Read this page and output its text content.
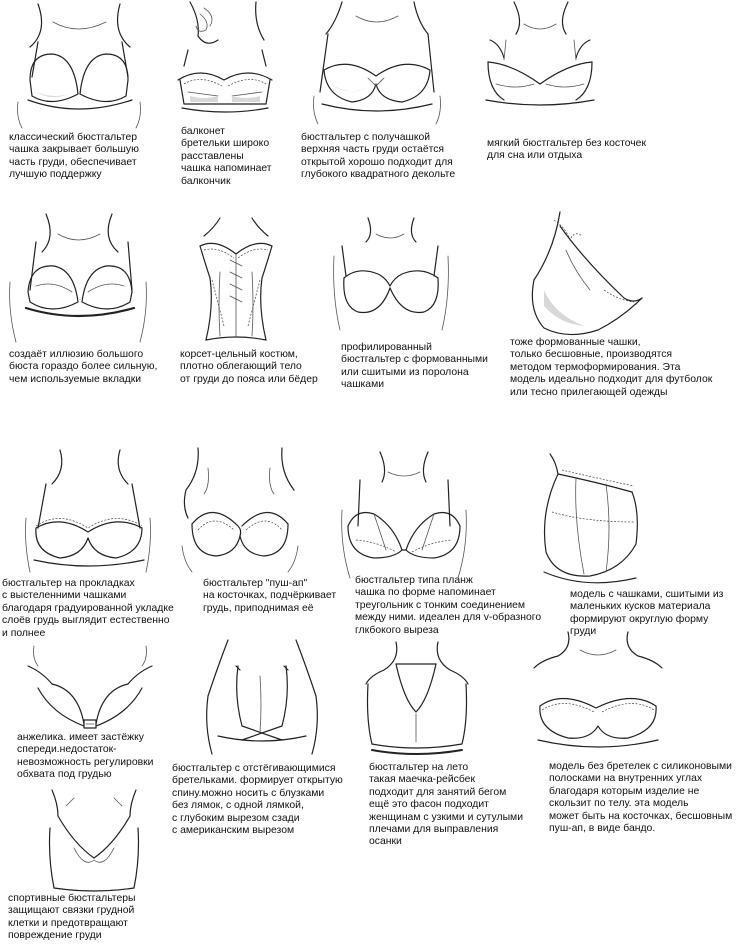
классический бюстгальтер
чашка закрывает большую
часть груди, обеспечивает
лучшую поддержку
балконет
бретельки широко
расставлены
чашка напоминает
балкончик
бюстгальтер с получашкой
верхняя часть груди остаётся
открытой хорошо подходит для
глубокого квадратного декольте
мягкий бюстгальтер без косточек
для сна или отдыха
создаёт иллюзию большого
бюста гораздо более сильную,
чем используемые вкладки
корсет-цельный костюм,
плотно облегающий тело
от груди до пояса или бёдер
профилированный
бюстгальтер с формованными
или сшитыми из поролона
чашками
тоже формованные чашки,
только бесшовные, производятся
методом термоформирования. Эта
модель идеально подходит для футболок
или тесно прилегающей одежды
бюстгальтер на прокладках
с выстеленними чашками
благодаря градуированной укладке
слоёв грудь выглядит естественно
и полнее
бюстгальтер "пуш-ап"
на косточках, подчёркивает
грудь, приподнимая её
бюстгальтер типа планж
чашка по форме напоминает
треугольник с тонким соединением
между ними. идеален для v-образного
глкбокого выреза
модель с чашками, сшитыми из
маленьких кусков материала
формируют округлую форму
груди
анжелика. имеет застёжку
спереди.недостаток-
невозможность регулировки
обхвата под грудью
бюстгальтер с отстёгивающимися
бретельками. формирует открытую
спину.можно носить с блузками
без лямок, с одной лямкой,
с глубоким вырезом сзади
с американским вырезом
бюстгальтер на лето
такая маечка-рейсбек
подходит для занятий бегом
ещё это фасон подходит
женщинам с узкими и сутулыми
плечами для выправления
осанки
модель без бретелек с силиконовыми
полосками на внутренних углах
благодаря которым изделие не
скользит по телу. эта модель
может быть на косточках, бесшовным
пуш-ап, в виде бандо.
спортивные бюстгальтеры
защищают связки грудной
клетки и предотвращают
повреждение груди
